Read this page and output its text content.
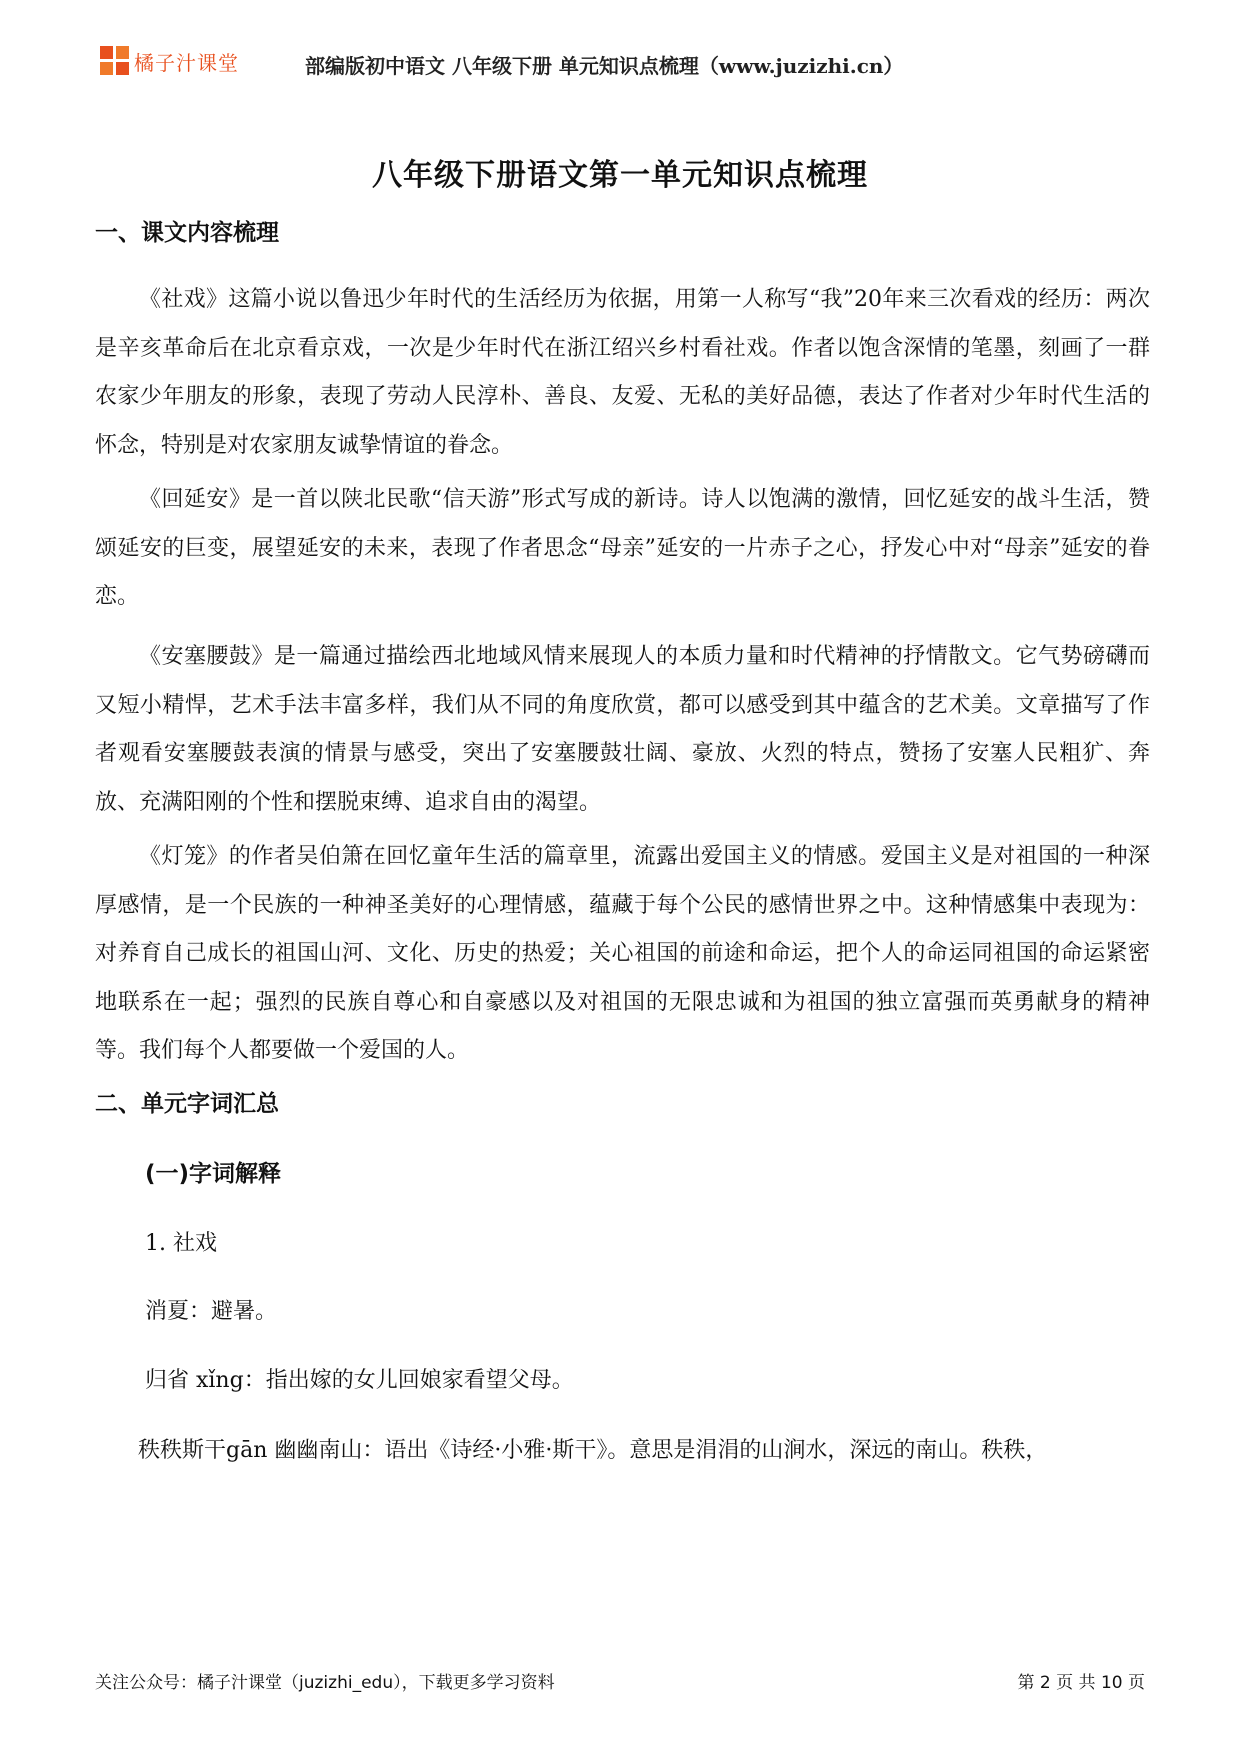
橘子汁课堂	部编版初中语文 八年级下册 单元知识点梳理（www.juzizhi.cn）
八年级下册语文第一单元知识点梳理
一、课文内容梳理

《社戏》这篇小说以鲁迅少年时代的生活经历为依据，用第一人称写“我”20年来三次看戏的经历：两次是辛亥革命后在北京看京戏，一次是少年时代在浙江绍兴乡村看社戏。作者以饱含深情的笔墨，刻画了一群农家少年朋友的形象，表现了劳动人民淳朴、善良、友爱、无私的美好品德，表达了作者对少年时代生活的怀念，特别是对农家朋友诚挚情谊的眷念。

《回延安》是一首以陕北民歌“信天游”形式写成的新诗。诗人以饱满的激情，回忆延安的战斗生活，赞颂延安的巨变，展望延安的未来，表现了作者思念“母亲”延安的一片赤子之心，抒发心中对“母亲”延安的眷恋。

《安塞腰鼓》是一篇通过描绘西北地域风情来展现人的本质力量和时代精神的抒情散文。它气势磅礴而又短小精悍，艺术手法丰富多样，我们从不同的角度欣赏，都可以感受到其中蕴含的艺术美。文章描写了作者观看安塞腰鼓表演的情景与感受，突出了安塞腰鼓壮阔、豪放、火烈的特点，赞扬了安塞人民粗犷、奔放、充满阳刚的个性和摆脱束缚、追求自由的渴望。

《灯笼》的作者吴伯箫在回忆童年生活的篇章里，流露出爱国主义的情感。爱国主义是对祖国的一种深厚感情，是一个民族的一种神圣美好的心理情感，蕴藏于每个公民的感情世界之中。这种情感集中表现为：对养育自己成长的祖国山河、文化、历史的热爱；关心祖国的前途和命运，把个人的命运同祖国的命运紧密地联系在一起；强烈的民族自尊心和自豪感以及对祖国的无限忠诚和为祖国的独立富强而英勇献身的精神等。我们每个人都要做一个爱国的人。

二、单元字词汇总
(一)字词解释
1. 社戏
消夏：避暑。
归省 xǐng：指出嫁的女儿回娘家看望父母。
秩秩斯干gān 幽幽南山：语出《诗经·小雅·斯干》。意思是涓涓的山涧水，深远的南山。秩秩，
关注公众号：橘子汁课堂（juzizhi_edu），下载更多学习资料	第 2 页 共 10 页
